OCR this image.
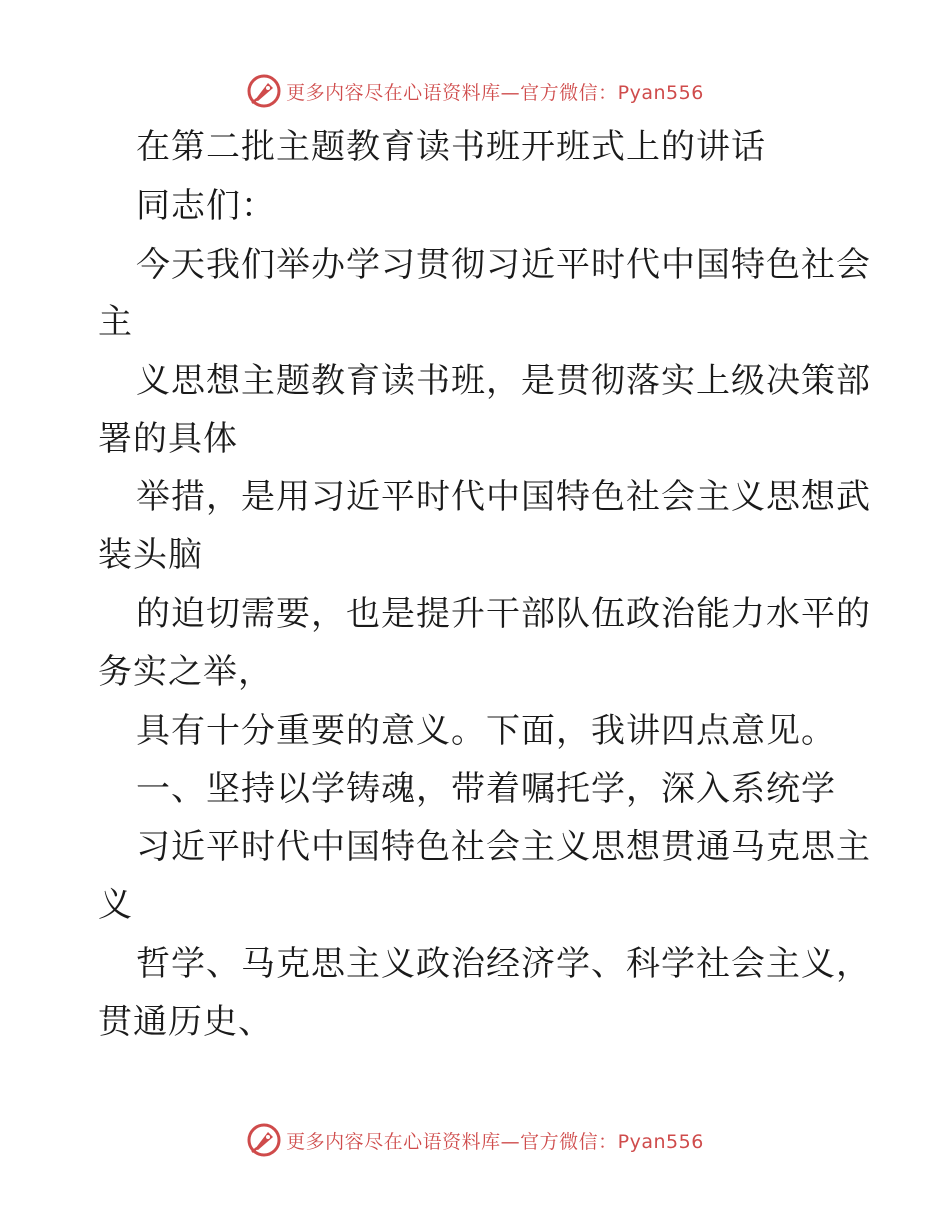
更多内容尽在心语资料库—官方微信：Pyan556
在第二批主题教育读书班开班式上的讲话
同志们：
今天我们举办学习贯彻习近平时代中国特色社会
主
义思想主题教育读书班，是贯彻落实上级决策部
署的具体
举措，是用习近平时代中国特色社会主义思想武
装头脑
的迫切需要，也是提升干部队伍政治能力水平的
务实之举，
具有十分重要的意义。下面，我讲四点意见。
一、坚持以学铸魂，带着嘱托学，深入系统学
习近平时代中国特色社会主义思想贯通马克思主
义
哲学、马克思主义政治经济学、科学社会主义，
贯通历史、
更多内容尽在心语资料库—官方微信：Pyan556
